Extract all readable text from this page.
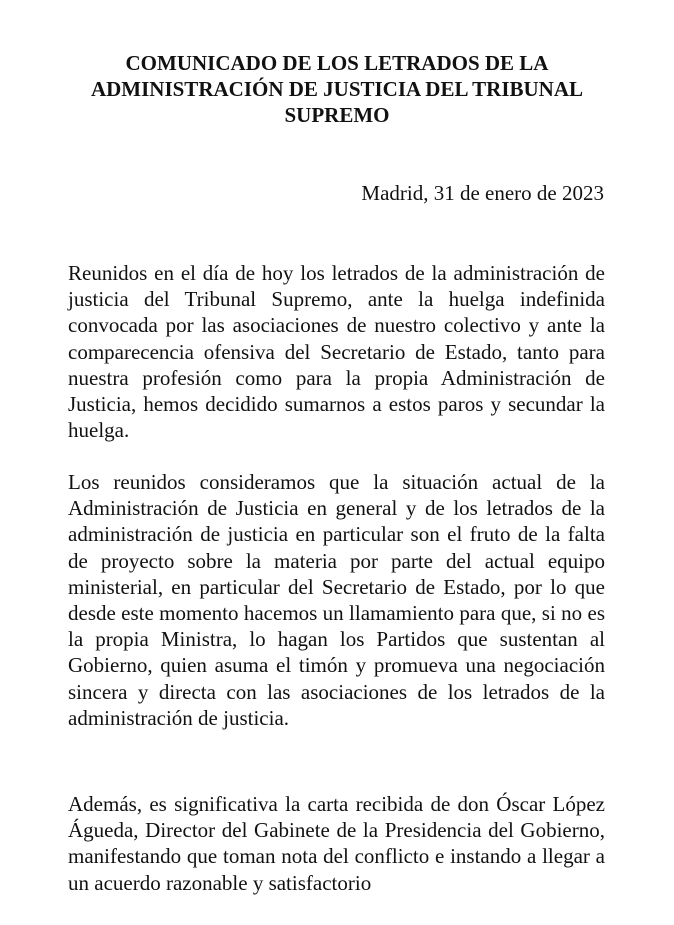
COMUNICADO DE LOS LETRADOS DE LA ADMINISTRACIÓN DE JUSTICIA DEL TRIBUNAL SUPREMO

Madrid, 31 de enero de 2023

Reunidos en el día de hoy los letrados de la administración de justicia del Tribunal Supremo, ante la huelga indefinida convocada por las asociaciones de nuestro colectivo y ante la comparecencia ofensiva del Secretario de Estado, tanto para nuestra profesión como para la propia Administración de Justicia, hemos decidido sumarnos a estos paros y secundar la huelga.

Los reunidos consideramos que la situación actual de la Administración de Justicia en general y de los letrados de la administración de justicia en particular son el fruto de la falta de proyecto sobre la materia por parte del actual equipo ministerial, en particular del Secretario de Estado, por lo que desde este momento hacemos un llamamiento para que, si no es la propia Ministra, lo hagan los Partidos que sustentan al Gobierno, quien asuma el timón y promueva una negociación sincera y directa con las asociaciones de los letrados de la administración de justicia.

Además, es significativa la carta recibida de don Óscar López Águeda, Director del Gabinete de la Presidencia del Gobierno, manifestando que toman nota del conflicto e instando a llegar a un acuerdo razonable y satisfactorio
